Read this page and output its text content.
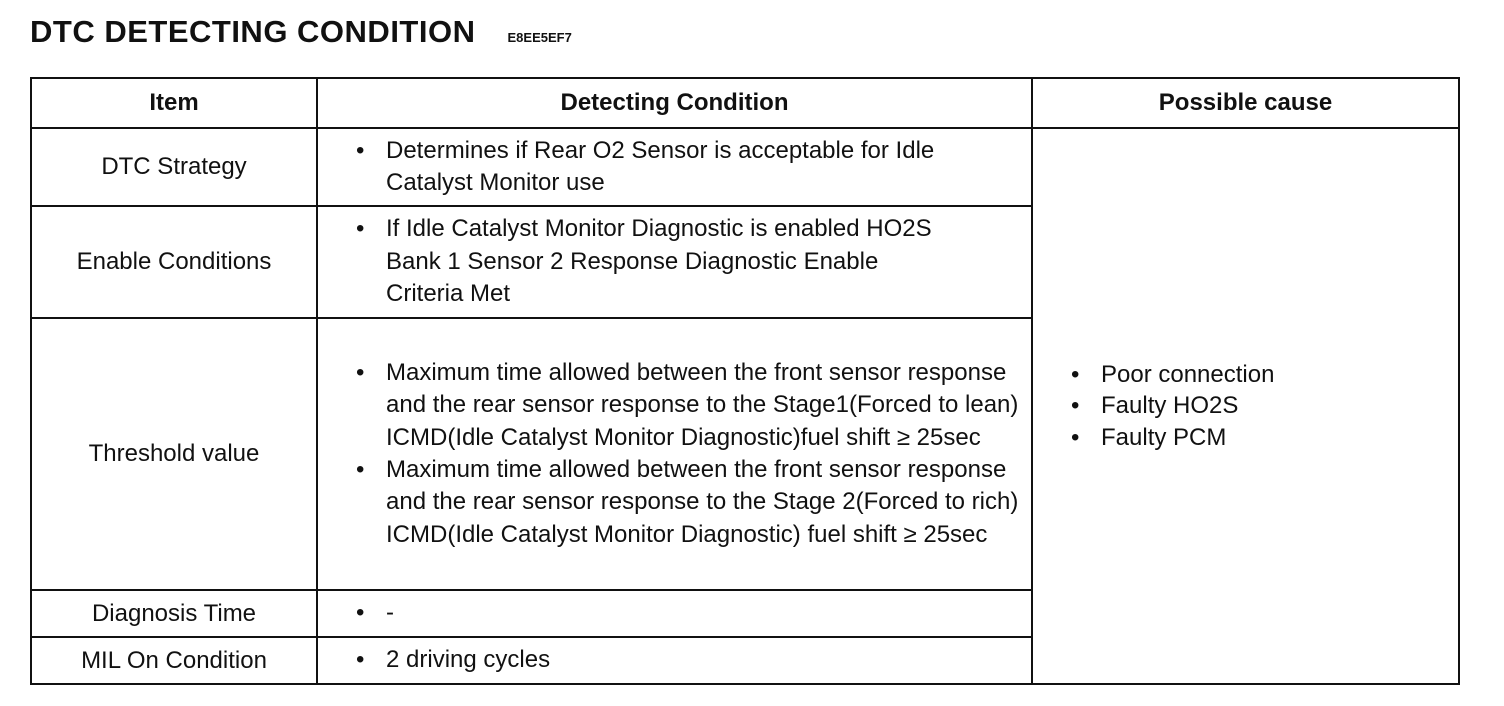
DTC DETECTING CONDITION E8EE5EF7
Item	Detecting Condition	Possible cause
DTC Strategy	• Determines if Rear O2 Sensor is acceptable for Idle Catalyst Monitor use	• Poor connection
• Faulty HO2S
• Faulty PCM

Enable Conditions	• If Idle Catalyst Monitor Diagnostic is enabled HO2S Bank 1 Sensor 2 Response Diagnostic Enable Criteria Met

Threshold value	• Maximum time allowed between the front sensor response and the rear sensor response to the Stage1(Forced to lean) ICMD(Idle Catalyst Monitor Diagnostic)fuel shift ≥ 25sec
• Maximum time allowed between the front sensor response and the rear sensor response to the Stage 2(Forced to rich) ICMD(Idle Catalyst Monitor Diagnostic) fuel shift ≥ 25sec

Diagnosis Time	• -

MIL On Condition	• 2 driving cycles
